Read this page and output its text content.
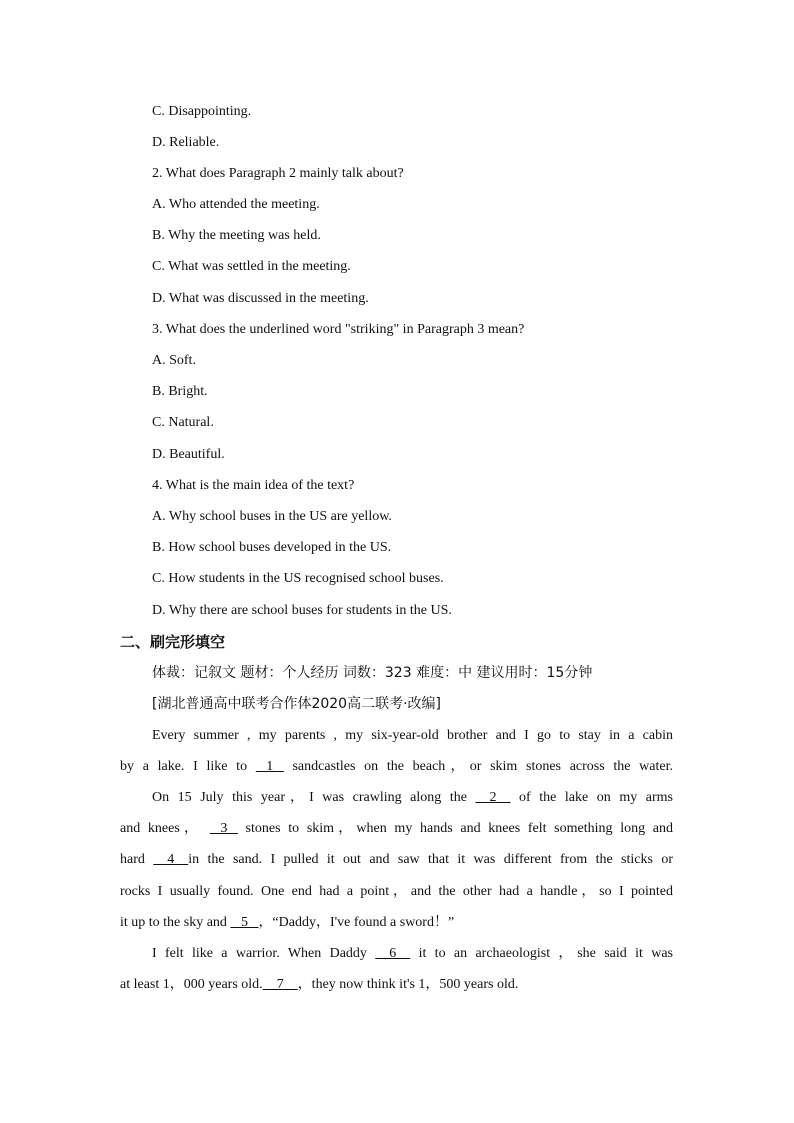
C. Disappointing.
D. Reliable.
2. What does Paragraph 2 mainly talk about?
A. Who attended the meeting.
B. Why the meeting was held.
C. What was settled in the meeting.
D. What was discussed in the meeting.
3. What does the underlined word "striking" in Paragraph 3 mean?
A. Soft.
B. Bright.
C. Natural.
D. Beautiful.
4. What is the main idea of the text?
A. Why school buses in the US are yellow.
B. How school buses developed in the US.
C. How students in the US recognised school buses.
D. Why there are school buses for students in the US.
二、刷完形填空
体裁：记叙文 题材：个人经历 词数：323 难度：中 建议用时：15分钟
[湖北普通高中联考合作体2020高二联考·改编]
Every summer , my parents , my six-year-old brother and I go to stay in a cabin
by a lake. I like to    1    sandcastles on the beach，or skim stones across the water.
On 15 July this year，I was crawling along the     2     of the lake on my arms
and knees，    3    stones to skim，when my hands and knees felt something long and
hard     4    in the sand. I pulled it out and saw that it was different from the sticks or
rocks I usually found. One end had a point，and the other had a handle，so I pointed
it up to the sky and    5   ，“Daddy，I've found a sword！”
I felt like a warrior. When Daddy     6     it to an archaeologist ，she said it was
at least 1，000 years old.    7    ，they now think it's 1，500 years old.
